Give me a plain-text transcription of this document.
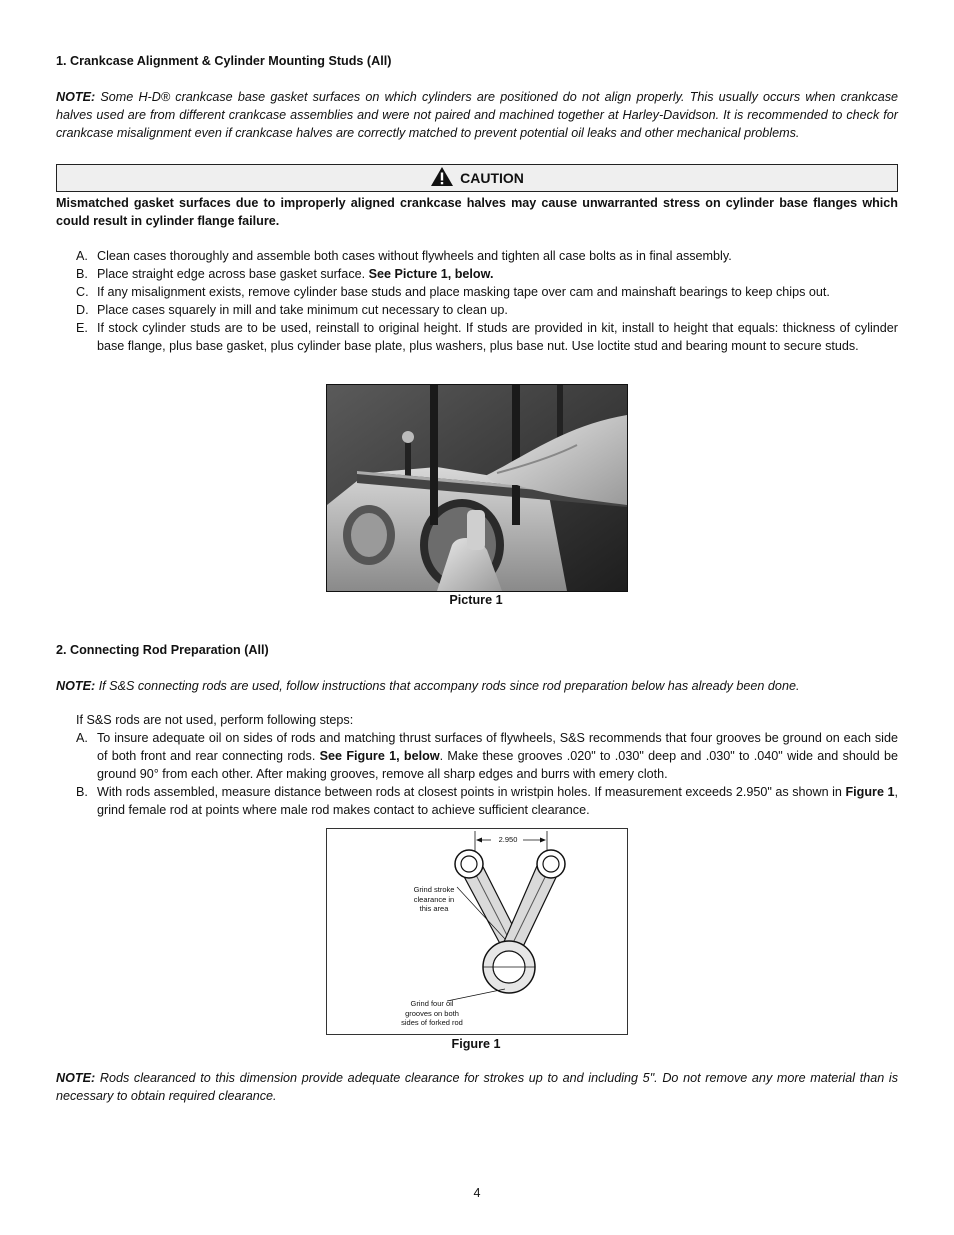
1. Crankcase Alignment & Cylinder Mounting Studs (All)
NOTE: Some H-D® crankcase base gasket surfaces on which cylinders are positioned do not align properly. This usually occurs when crankcase halves used are from different crankcase assemblies and were not paired and machined together at Harley-Davidson. It is recommended to check for crankcase misalignment even if crankcase halves are correctly matched to prevent potential oil leaks and other mechanical problems.
CAUTION
Mismatched gasket surfaces due to improperly aligned crankcase halves may cause unwarranted stress on cylinder base flanges which could result in cylinder flange failure.
A. Clean cases thoroughly and assemble both cases without flywheels and tighten all case bolts as in final assembly.
B. Place straight edge across base gasket surface. See Picture 1, below.
C. If any misalignment exists, remove cylinder base studs and place masking tape over cam and mainshaft bearings to keep chips out.
D. Place cases squarely in mill and take minimum cut necessary to clean up.
E. If stock cylinder studs are to be used, reinstall to original height. If studs are provided in kit, install to height that equals: thickness of cylinder base flange, plus base gasket, plus cylinder base plate, plus washers, plus base nut. Use loctite stud and bearing mount to secure studs.
Picture 1
2. Connecting Rod Preparation (All)
NOTE: If S&S connecting rods are used, follow instructions that accompany rods since rod preparation below has already been done.
If S&S rods are not used, perform following steps:
A. To insure adequate oil on sides of rods and matching thrust surfaces of flywheels, S&S recommends that four grooves be ground on each side of both front and rear connecting rods. See Figure 1, below. Make these grooves .020" to .030" deep and .030" to .040" wide and should be ground 90° from each other. After making grooves, remove all sharp edges and burrs with emery cloth.
B. With rods assembled, measure distance between rods at closest points in wristpin holes. If measurement exceeds 2.950" as shown in Figure 1, grind female rod at points where male rod makes contact to achieve sufficient clearance.
2.950
Grind stroke
clearance in
this area
Grind four oil
grooves on both
sides of forked rod
Figure 1
NOTE: Rods clearanced to this dimension provide adequate clearance for strokes up to and including 5". Do not remove any more material than is necessary to obtain required clearance.
4
